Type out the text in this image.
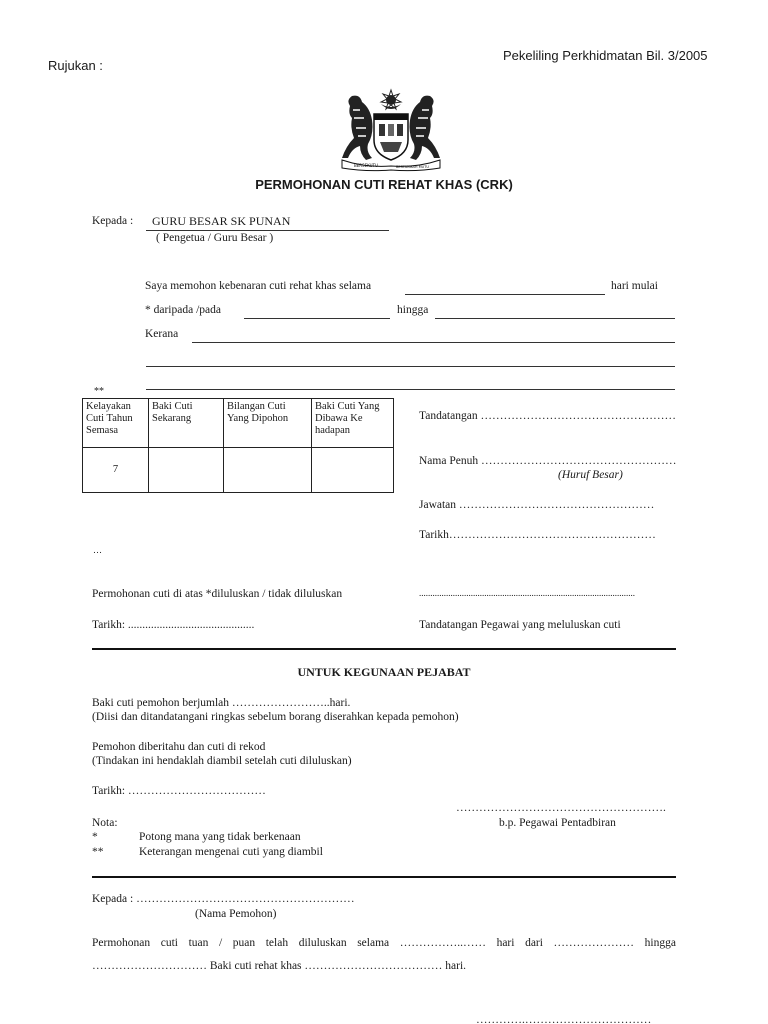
Rujukan :
Pekeliling Perkhidmatan Bil. 3/2005
BERSEKUTU	BERTAMBAH MUTU
PERMOHONAN CUTI REHAT KHAS (CRK)
Kepada : GURU BESAR SK PUNAN
( Pengetua / Guru Besar )
Saya memohon kebenaran cuti rehat khas selama	hari mulai
* daripada /pada	hingga
Kerana
**
Kelayakan Cuti Tahun Semasa	Baki Cuti Sekarang	Bilangan Cuti Yang Dipohon	Baki Cuti Yang Dibawa Ke hadapan
7			
Tandatangan ……………………………………………
Nama Penuh ……………………………………………
(Huruf Besar)
Jawatan ……………………………………………
Tarikh………………………………………………
…
Permohonan cuti di atas *diluluskan / tidak diluluskan	................................................................................................
Tarikh: ............................................	Tandatangan Pegawai yang meluluskan cuti
UNTUK KEGUNAAN PEJABAT
Baki cuti pemohon berjumlah ……………………..hari.
(Diisi dan ditandatangani ringkas sebelum borang diserahkan kepada pemohon)
Pemohon diberitahu dan cuti di rekod
(Tindakan ini hendaklah diambil setelah cuti diluluskan)
Tarikh: ………………………………
……………………………………………….
b.p. Pegawai Pentadbiran
Nota:
*	Potong mana yang tidak berkenaan
**	Keterangan mengenai cuti yang diambil
Kepada : …………………………………………………
(Nama Pemohon)
Permohonan cuti tuan / puan telah diluluskan selama ……………..…… hari dari ………………… hingga
………………………… Baki cuti rehat khas ……………………………… hari.
………….……………………………
